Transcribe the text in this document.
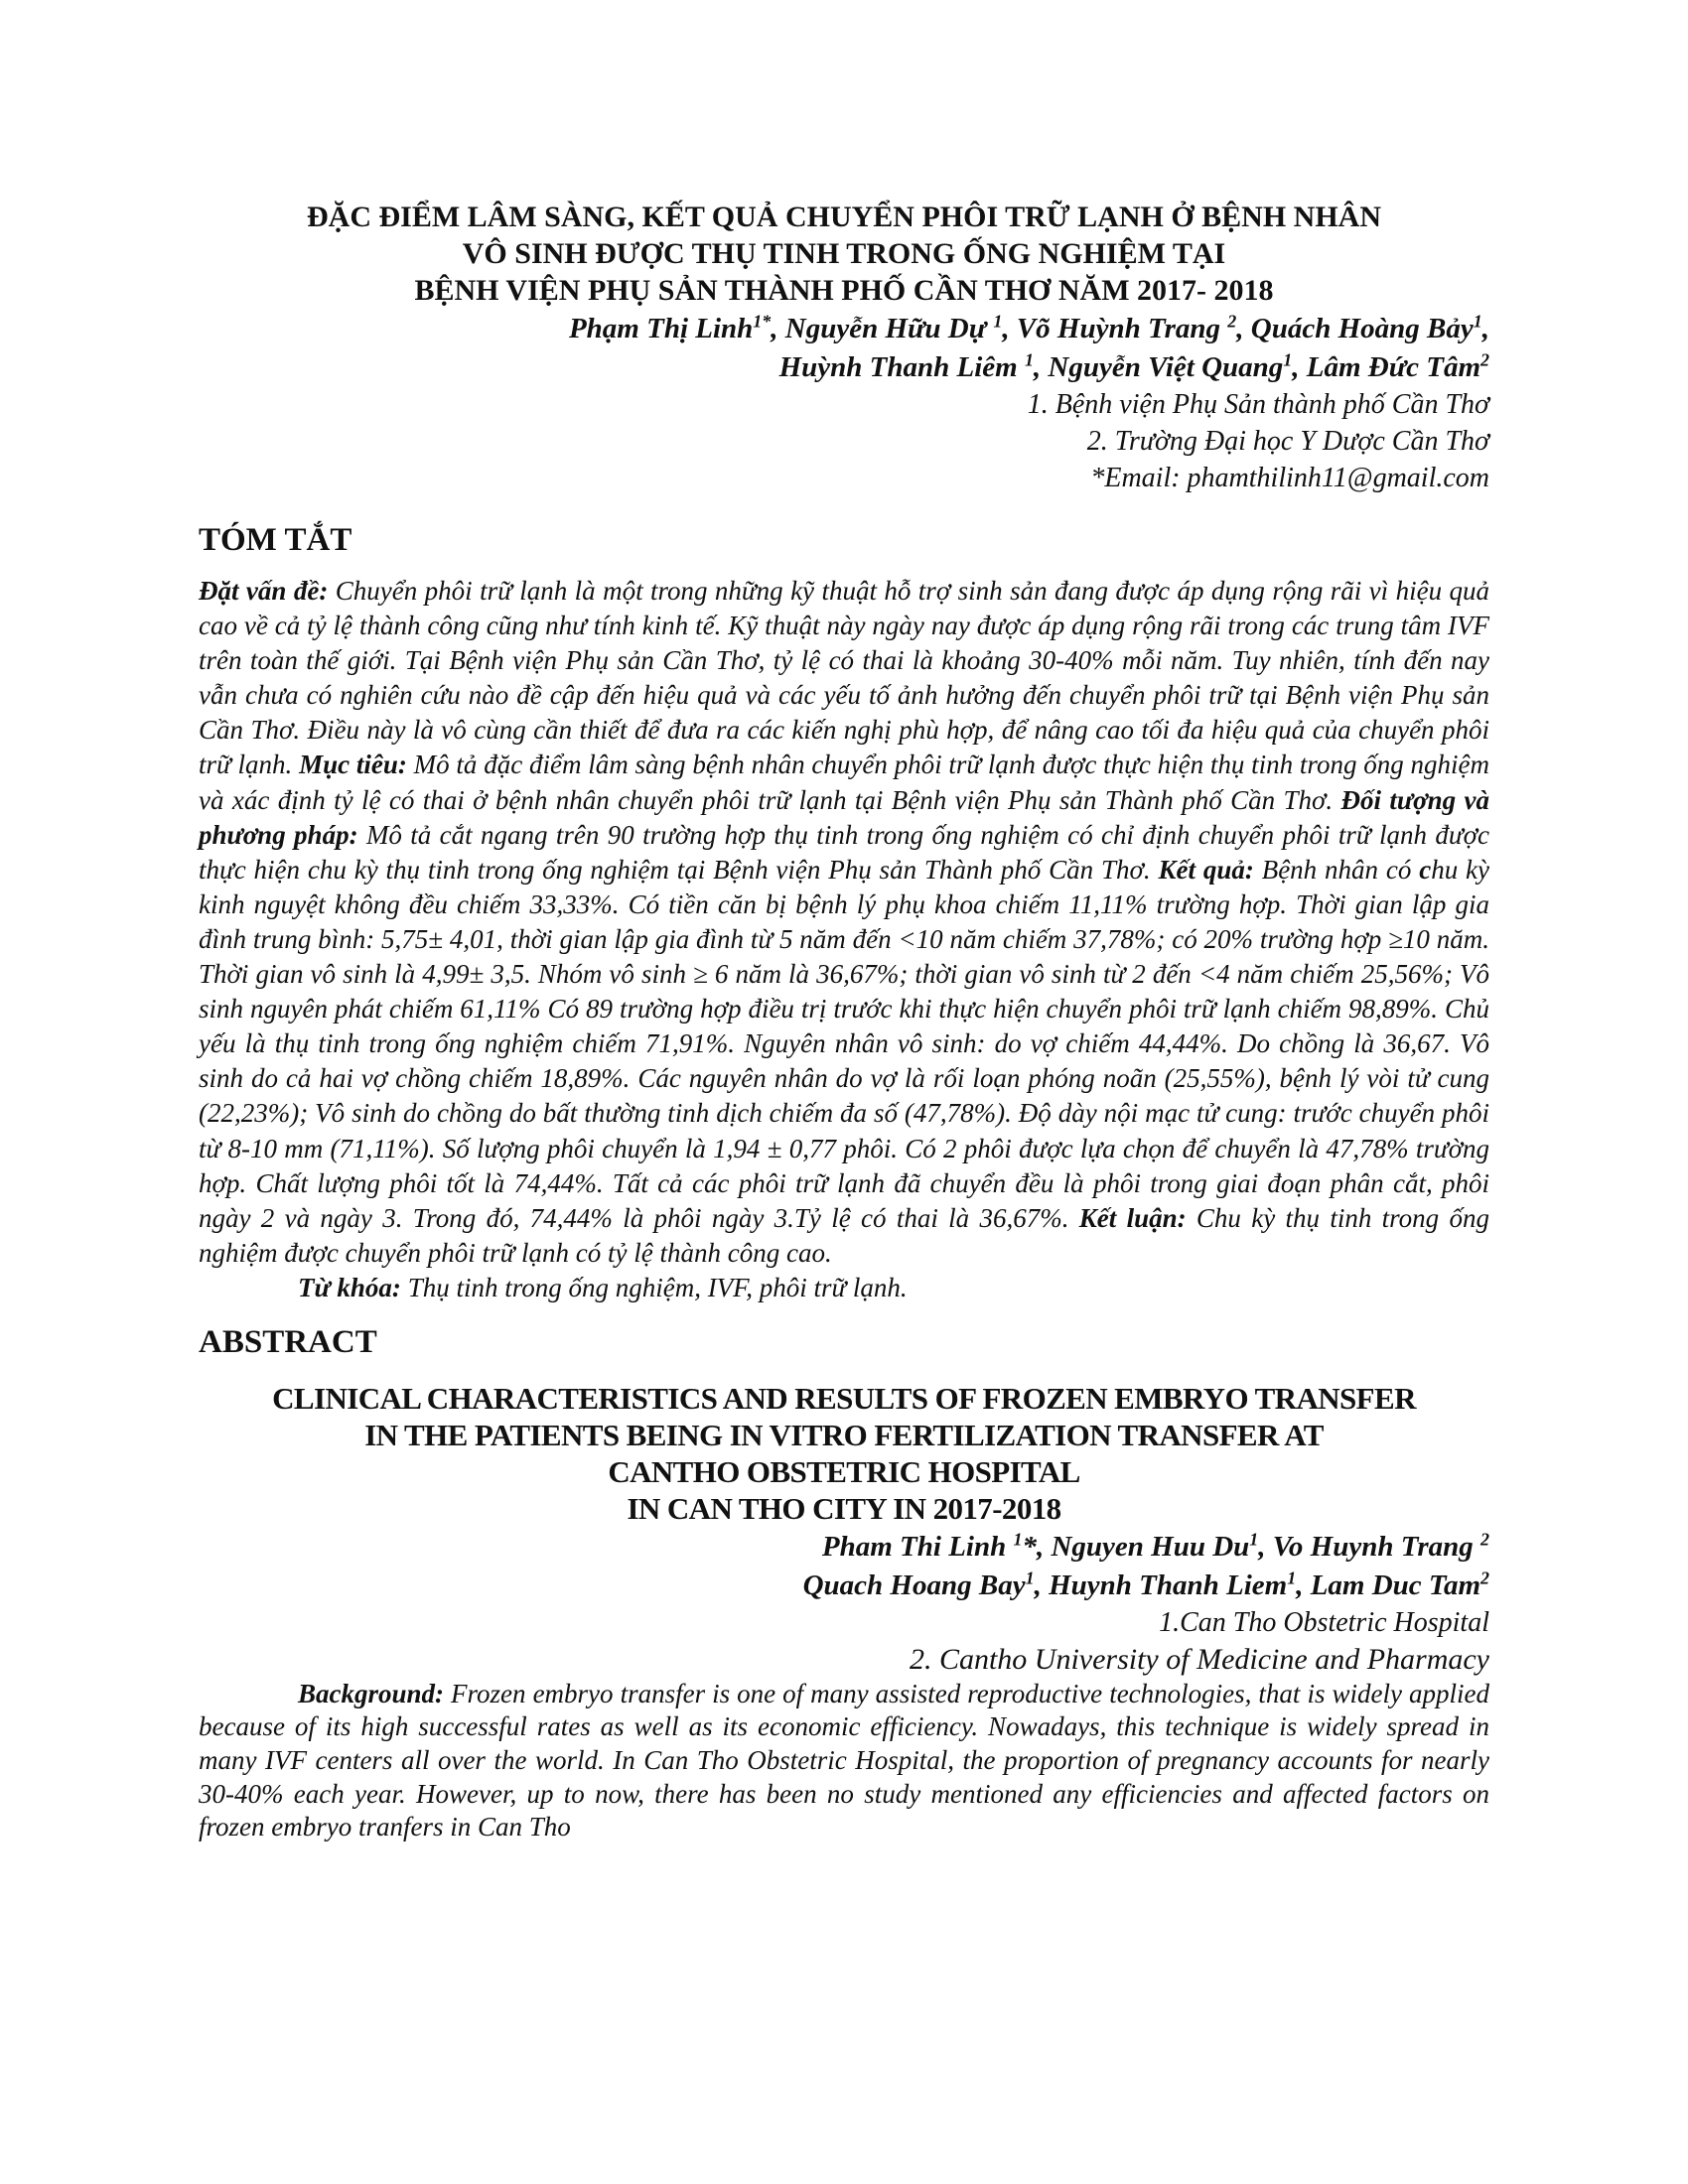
ĐẶC ĐIỂM LÂM SÀNG, KẾT QUẢ CHUYỂN PHÔI TRỮ LẠNH Ở BỆNH NHÂN

VÔ SINH ĐƯỢC THỤ TINH TRONG ỐNG NGHIỆM TẠI

BỆNH VIỆN PHỤ SẢN THÀNH PHỐ CẦN THƠ NĂM 2017- 2018

Phạm Thị Linh$^{1*}$, Nguyễn Hữu Dự $^1$, Võ Huỳnh Trang $^2$, Quách Hoàng Bảy$^1$,

Huỳnh Thanh Liêm $^1$, Nguyễn Việt Quang$^1$, Lâm Đức Tâm$^2$

1. Bệnh viện Phụ Sản thành phố Cần Thơ

2. Trường Đại học Y Dược Cần Thơ

*Email: phamthilinh11@gmail.com

TÓM TẮT

Đặt vấn đề: Chuyển phôi trữ lạnh là một trong những kỹ thuật hỗ trợ sinh sản đang được áp dụng rộng rãi vì hiệu quả cao về cả tỷ lệ thành công cũng như tính kinh tế. Kỹ thuật này ngày nay được áp dụng rộng rãi trong các trung tâm IVF trên toàn thế giới. Tại Bệnh viện Phụ sản Cần Thơ, tỷ lệ có thai là khoảng 30-40% mỗi năm. Tuy nhiên, tính đến nay vẫn chưa có nghiên cứu nào đề cập đến hiệu quả và các yếu tố ảnh hưởng đến chuyển phôi trữ tại Bệnh viện Phụ sản Cần Thơ. Điều này là vô cùng cần thiết để đưa ra các kiến nghị phù hợp, để nâng cao tối đa hiệu quả của chuyển phôi trữ lạnh. Mục tiêu: Mô tả đặc điểm lâm sàng bệnh nhân chuyển phôi trữ lạnh được thực hiện thụ tinh trong ống nghiệm và xác định tỷ lệ có thai ở bệnh nhân chuyển phôi trữ lạnh tại Bệnh viện Phụ sản Thành phố Cần Thơ. Đối tượng và phương pháp: Mô tả cắt ngang trên 90 trường hợp thụ tinh trong ống nghiệm có chỉ định chuyển phôi trữ lạnh được thực hiện chu kỳ thụ tinh trong ống nghiệm tại Bệnh viện Phụ sản Thành phố Cần Thơ. Kết quả: Bệnh nhân có chu kỳ kinh nguyệt không đều chiếm 33,33%. Có tiền căn bị bệnh lý phụ khoa chiếm 11,11% trường hợp. Thời gian lập gia đình trung bình: 5,75± 4,01, thời gian lập gia đình từ 5 năm đến <10 năm chiếm 37,78%; có 20% trường hợp ≥10 năm. Thời gian vô sinh là 4,99± 3,5. Nhóm vô sinh ≥ 6 năm là 36,67%; thời gian vô sinh từ 2 đến <4 năm chiếm 25,56%; Vô sinh nguyên phát chiếm 61,11% Có 89 trường hợp điều trị trước khi thực hiện chuyển phôi trữ lạnh chiếm 98,89%. Chủ yếu là thụ tinh trong ống nghiệm chiếm 71,91%. Nguyên nhân vô sinh: do vợ chiếm 44,44%. Do chồng là 36,67. Vô sinh do cả hai vợ chồng chiếm 18,89%. Các nguyên nhân do vợ là rối loạn phóng noãn (25,55%), bệnh lý vòi tử cung (22,23%); Vô sinh do chồng do bất thường tinh dịch chiếm đa số (47,78%). Độ dày nội mạc tử cung: trước chuyển phôi từ 8-10 mm (71,11%). Số lượng phôi chuyển là 1,94 ± 0,77 phôi. Có 2 phôi được lựa chọn để chuyển là 47,78% trường hợp. Chất lượng phôi tốt là 74,44%. Tất cả các phôi trữ lạnh đã chuyển đều là phôi trong giai đoạn phân cắt, phôi ngày 2 và ngày 3. Trong đó, 74,44% là phôi ngày 3.Tỷ lệ có thai là 36,67%. Kết luận: Chu kỳ thụ tinh trong ống nghiệm được chuyển phôi trữ lạnh có tỷ lệ thành công cao.

Từ khóa: Thụ tinh trong ống nghiệm, IVF, phôi trữ lạnh.

ABSTRACT

CLINICAL CHARACTERISTICS AND RESULTS OF FROZEN EMBRYO TRANSFER

IN THE PATIENTS BEING IN VITRO FERTILIZATION TRANSFER AT

CANTHO OBSTETRIC HOSPITAL

IN CAN THO CITY IN 2017-2018

Pham Thi Linh $^1$*, Nguyen Huu Du$^1$, Vo Huynh Trang $^2$

Quach Hoang Bay$^1$, Huynh Thanh Liem$^1$, Lam Duc Tam$^2$

1.Can Tho Obstetric Hospital

2. Cantho University of Medicine and Pharmacy

Background: Frozen embryo transfer is one of many assisted reproductive technologies, that is widely applied because of its high successful rates as well as its economic efficiency. Nowadays, this technique is widely spread in many IVF centers all over the world. In Can Tho Obstetric Hospital, the proportion of pregnancy accounts for nearly 30-40% each year. However, up to now, there has been no study mentioned any efficiencies and affected factors on frozen embryo tranfers in Can Tho
